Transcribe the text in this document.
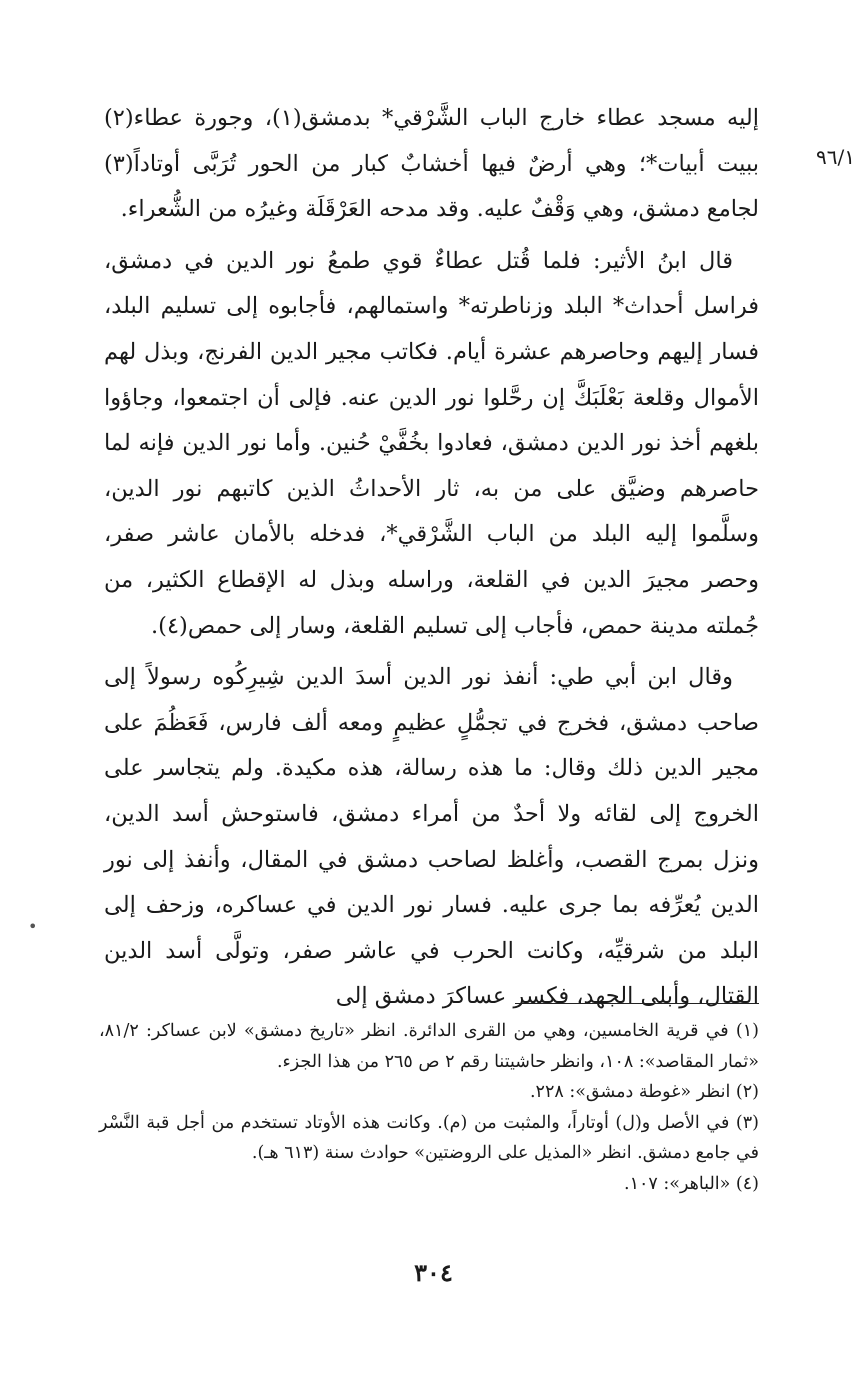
٩٦/١
•

إليه مسجد عطاء خارج الباب الشَّرْقي* بدمشق(١)، وجورة عطاء(٢) ببيت أبيات*؛ وهي أرضٌ فيها أخشابٌ كبار من الحور تُرَبَّى أوتاداً(٣) لجامع دمشق، وهي وَقْفٌ عليه. وقد مدحه العَرْقَلَة وغيرُه من الشُّعراء.

قال ابنُ الأثير: فلما قُتل عطاءٌ قوي طمعُ نور الدين في دمشق، فراسل أحداث* البلد وزناطرته* واستمالهم، فأجابوه إلى تسليم البلد، فسار إليهم وحاصرهم عشرة أيام. فكاتب مجير الدين الفرنج، وبذل لهم الأموال وقلعة بَعْلَبَكَّ إن رحَّلوا نور الدين عنه. فإلى أن اجتمعوا، وجاؤوا بلغهم أخذ نور الدين دمشق، فعادوا بخُفَّيْ حُنين. وأما نور الدين فإنه لما حاصرهم وضيَّق على من به، ثار الأحداثُ الذين كاتبهم نور الدين، وسلَّموا إليه البلد من الباب الشَّرْقي*، فدخله بالأمان عاشر صفر، وحصر مجيرَ الدين في القلعة، وراسله وبذل له الإقطاع الكثير، من جُملته مدينة حمص، فأجاب إلى تسليم القلعة، وسار إلى حمص(٤).

وقال ابن أبي طي: أنفذ نور الدين أسدَ الدين شِيرِكُوه رسولاً إلى صاحب دمشق، فخرج في تجمُّلٍ عظيمٍ ومعه ألف فارس، فَعَظُمَ على مجير الدين ذلك وقال: ما هذه رسالة، هذه مكيدة. ولم يتجاسر على الخروج إلى لقائه ولا أحدٌ من أمراء دمشق، فاستوحش أسد الدين، ونزل بمرج القصب، وأغلظ لصاحب دمشق في المقال، وأنفذ إلى نور الدين يُعرِّفه بما جرى عليه. فسار نور الدين في عساكره، وزحف إلى البلد من شرقيِّه، وكانت الحرب في عاشر صفر، وتولَّى أسد الدين القتال، وأبلى الجهد، فكسر عساكرَ دمشق إلى

(١) في قرية الخامسين، وهي من القرى الدائرة. انظر «تاريخ دمشق» لابن عساكر: ٨١/٢، «ثمار المقاصد»: ١٠٨، وانظر حاشيتنا رقم ٢ ص ٢٦٥ من هذا الجزء.

(٢) انظر «غوطة دمشق»: ٢٢٨.

(٣) في الأصل و(ل) أوتاراً، والمثبت من (م). وكانت هذه الأوتاد تستخدم من أجل قبة النَّسْر في جامع دمشق. انظر «المذيل على الروضتين» حوادث سنة (٦١٣ هـ).

(٤) «الباهر»: ١٠٧.

٣٠٤
